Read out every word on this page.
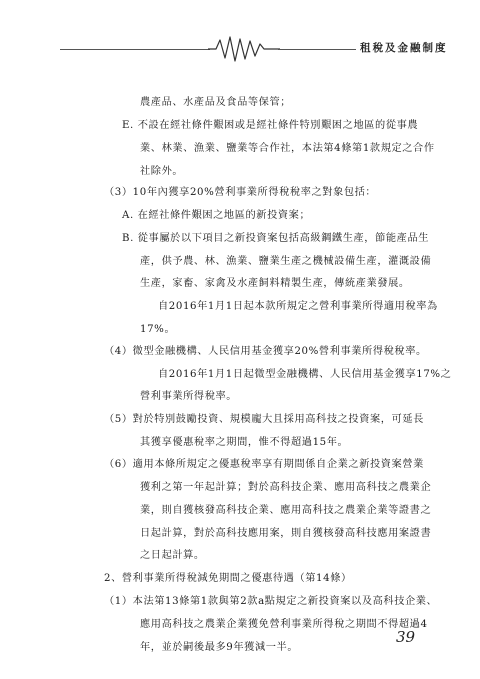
租稅及金融制度
農產品、水產品及食品等保管；
E. 不設在經社條件艱困或是經社條件特別艱困之地區的從事農
業、林業、漁業、鹽業等合作社，本法第4條第1款規定之合作
社除外。
（3）10年內獲享20%營利事業所得稅稅率之對象包括：
A. 在經社條件艱困之地區的新投資案；
B. 從事屬於以下項目之新投資案包括高級鋼鐵生產，節能產品生
產，供予農、林、漁業、鹽業生產之機械設備生產，灌溉設備
生產，家畜、家禽及水產飼料精製生產，傳統產業發展。
自2016年1月1日起本款所規定之營利事業所得適用稅率為
17%。
（4）微型金融機構、人民信用基金獲享20%營利事業所得稅稅率。
自2016年1月1日起微型金融機構、人民信用基金獲享17%之
營利事業所得稅率。
（5）對於特別鼓勵投資、規模龐大且採用高科技之投資案，可延長
其獲享優惠稅率之期間，惟不得超過15年。
（6）適用本條所規定之優惠稅率享有期間係自企業之新投資案營業
獲利之第一年起計算；對於高科技企業、應用高科技之農業企
業，則自獲核發高科技企業、應用高科技之農業企業等證書之
日起計算，對於高科技應用案，則自獲核發高科技應用案證書
之日起計算。
2、營利事業所得稅減免期間之優惠待遇（第14條）
（1）本法第13條第1款與第2款a點規定之新投資案以及高科技企業、
應用高科技之農業企業獲免營利事業所得稅之期間不得超過4
年，並於嗣後最多9年獲減一半。
39
